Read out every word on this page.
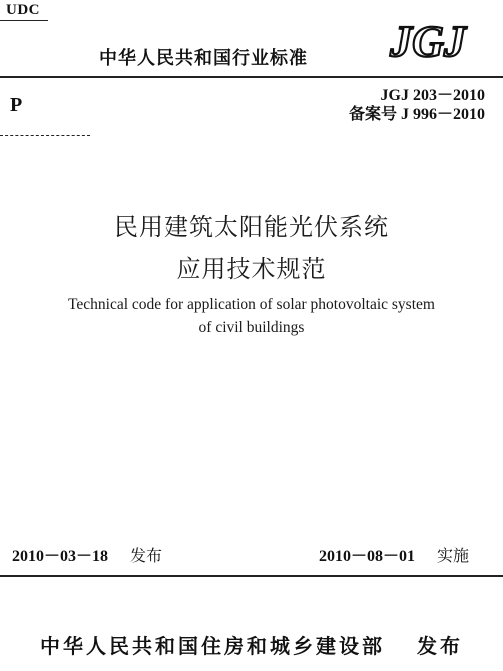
UDC
中华人民共和国行业标准 JGJ
JGJ 203－2010
备案号 J 996－2010
P
民用建筑太阳能光伏系统
应用技术规范
Technical code for application of solar photovoltaic system
of civil buildings
2010－03－18 发布	2010－08－01 实施
中华人民共和国住房和城乡建设部 发布
